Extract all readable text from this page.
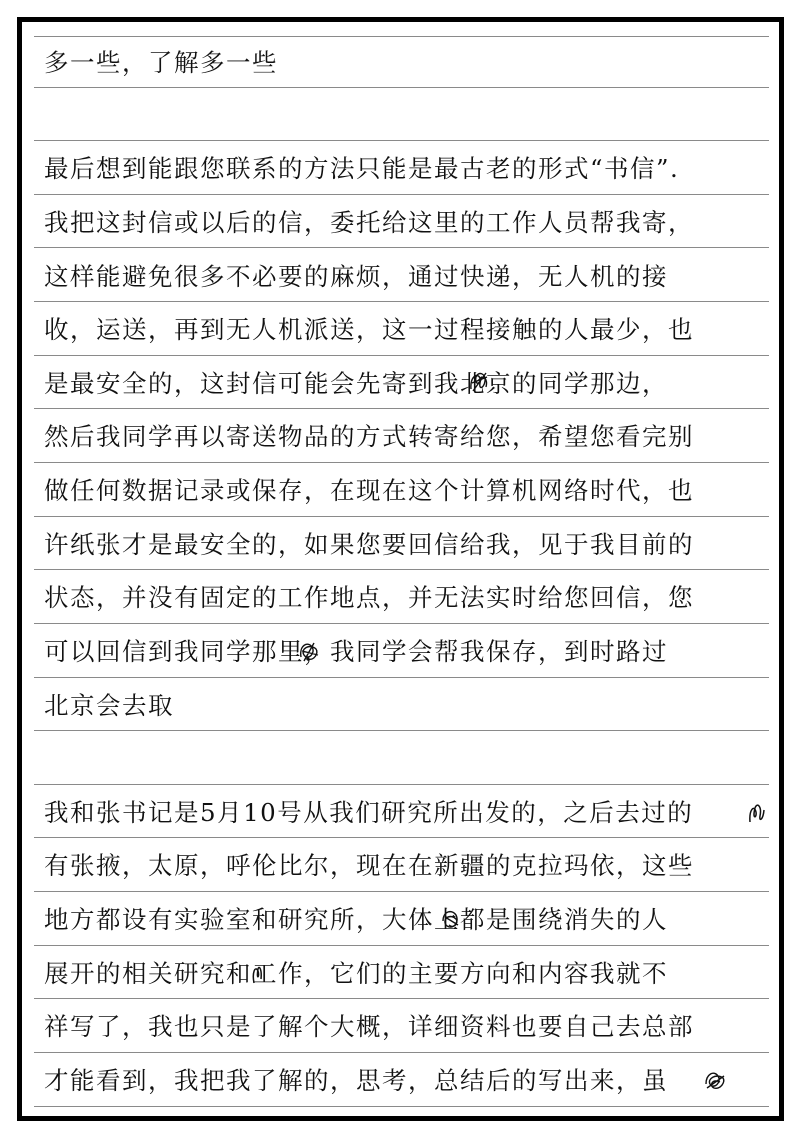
多一些，了解多一些
最后想到能跟您联系的方法只能是最古老的形式“书信”.
我把这封信或以后的信，委托给这里的工作人员帮我寄，
这样能避免很多不必要的麻烦，通过快递，无人机的接
收，运送，再到无人机派送，这一过程接触的人最少，也
是最安全的，这封信可能会先寄到我北京的同学那边，
然后我同学再以寄送物品的方式转寄给您，希望您看完别
做任何数据记录或保存，在现在这个计算机网络时代，也
许纸张才是最安全的，如果您要回信给我，见于我目前的
状态，并没有固定的工作地点，并无法实时给您回信，您
可以回信到我同学那里，我同学会帮我保存，到时路过
北京会去取
我和张书记是5月10号从我们研究所出发的，之后去过的
有张掖，太原，呼伦比尔，现在在新疆的克拉玛依，这些
地方都设有实验室和研究所，大体上都是围绕消失的人
展开的相关研究和工作，它们的主要方向和内容我就不
祥写了，我也只是了解个大概，详细资料也要自己去总部
才能看到，我把我了解的，思考，总结后的写出来，虽
